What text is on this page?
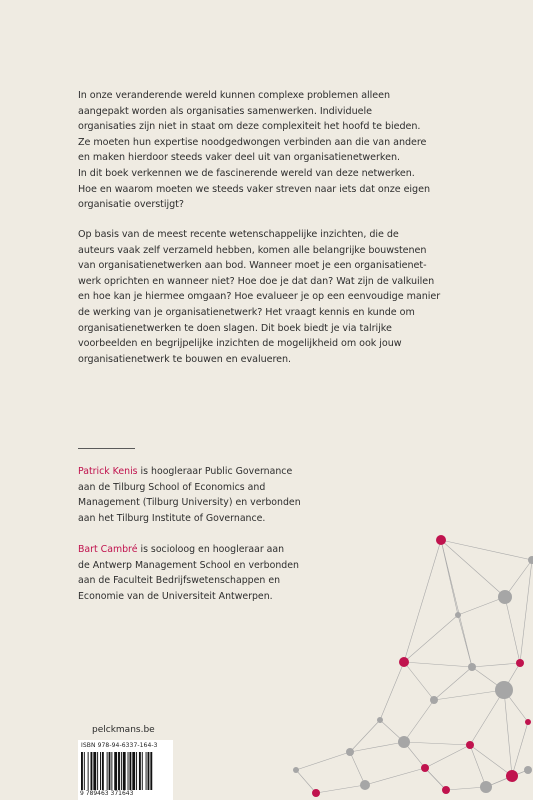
In onze veranderende wereld kunnen complexe problemen alleen
aangepakt worden als organisaties samenwerken. Individuele
organisaties zijn niet in staat om deze complexiteit het hoofd te bieden.
Ze moeten hun expertise noodgedwongen verbinden aan die van andere
en maken hierdoor steeds vaker deel uit van organisatienetwerken.
In dit boek verkennen we de fascinerende wereld van deze netwerken.
Hoe en waarom moeten we steeds vaker streven naar iets dat onze eigen
organisatie overstijgt?
Op basis van de meest recente wetenschappelijke inzichten, die de
auteurs vaak zelf verzameld hebben, komen alle belangrijke bouwstenen
van organisatienetwerken aan bod. Wanneer moet je een organisatienet-
werk oprichten en wanneer niet? Hoe doe je dat dan? Wat zijn de valkuilen
en hoe kan je hiermee omgaan? Hoe evalueer je op een eenvoudige manier
de werking van je organisatienetwerk? Het vraagt kennis en kunde om
organisatienetwerken te doen slagen. Dit boek biedt je via talrijke
voorbeelden en begrijpelijke inzichten de mogelijkheid om ook jouw
organisatienetwerk te bouwen en evalueren.
Patrick Kenis is hoogleraar Public Governance
aan de Tilburg School of Economics and
Management (Tilburg University) en verbonden
aan het Tilburg Institute of Governance.
Bart Cambré is socioloog en hoogleraar aan
de Antwerp Management School en verbonden
aan de Faculteit Bedrijfswetenschappen en
Economie van de Universiteit Antwerpen.
pelckmans.be
ISBN 978-94-6337-164-3
9 789463 371643
